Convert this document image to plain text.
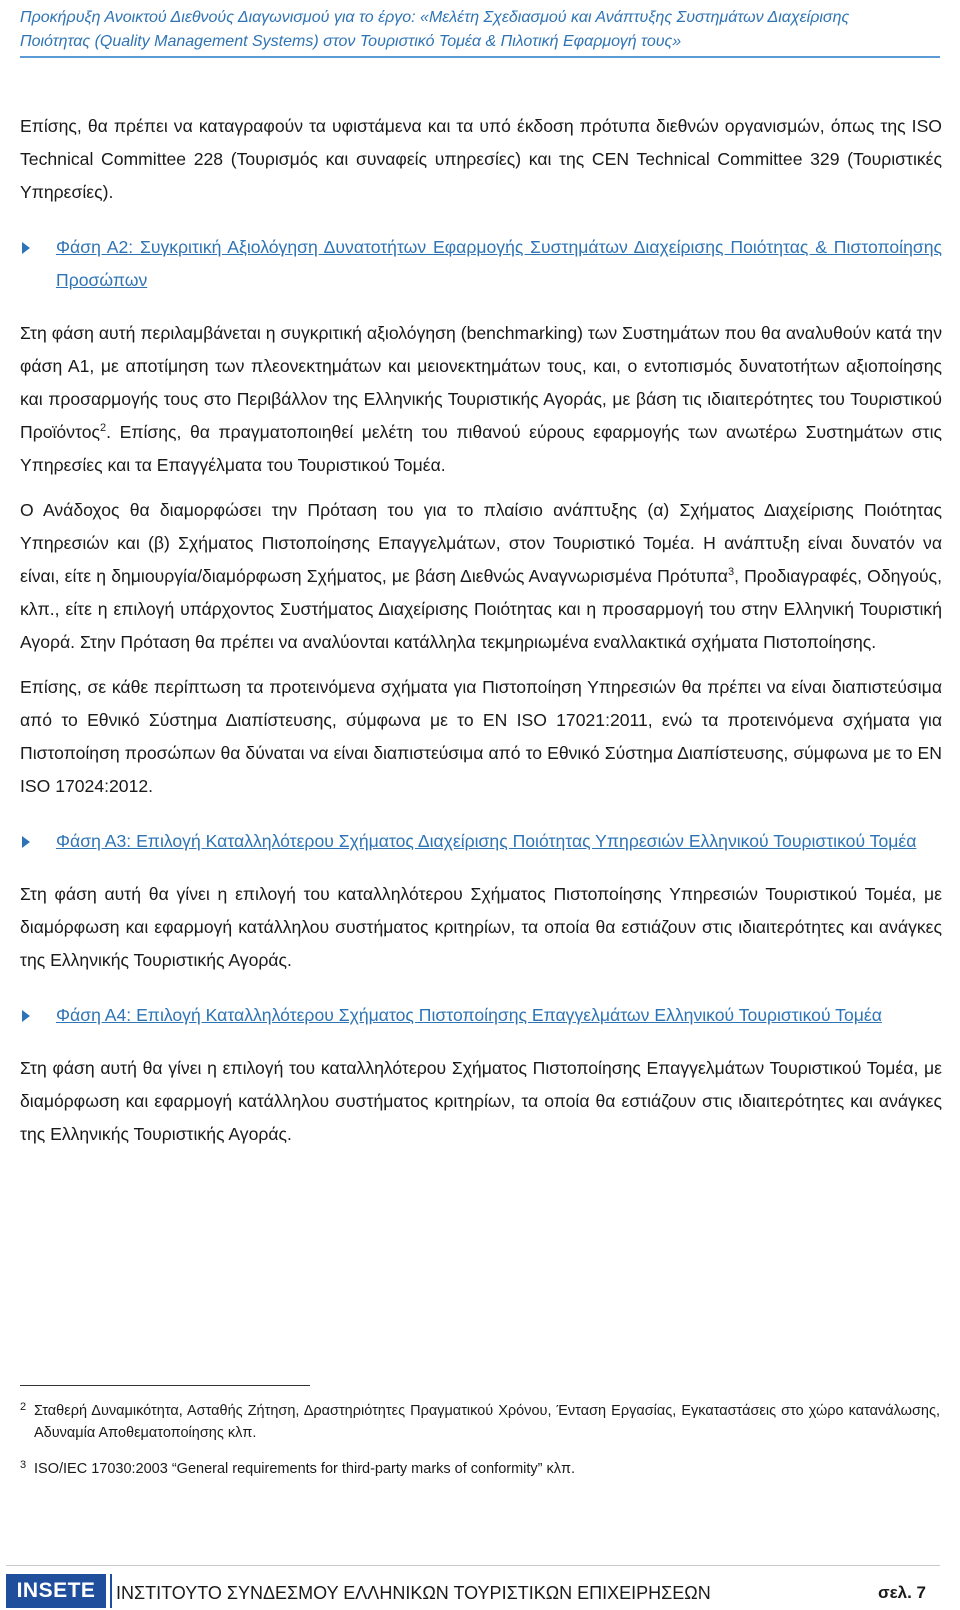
Προκήρυξη Ανοικτού Διεθνούς Διαγωνισμού για το έργο: «Μελέτη Σχεδιασμού και Ανάπτυξης Συστημάτων Διαχείρισης
Ποιότητας (Quality Management Systems) στον Τουριστικό Τομέα & Πιλοτική Εφαρμογή τους»

Επίσης, θα πρέπει να καταγραφούν τα υφιστάμενα και τα υπό έκδοση πρότυπα διεθνών οργανισμών, όπως της ISO Technical Committee 228 (Τουρισμός και συναφείς υπηρεσίες) και της CEN Technical Committee 329 (Τουριστικές Υπηρεσίες).

Φάση Α2: Συγκριτική Αξιολόγηση Δυνατοτήτων Εφαρμογής Συστημάτων Διαχείρισης Ποιότητας & Πιστοποίησης Προσώπων

Στη φάση αυτή περιλαμβάνεται η συγκριτική αξιολόγηση (benchmarking) των Συστημάτων που θα αναλυθούν κατά την φάση Α1, με αποτίμηση των πλεονεκτημάτων και μειονεκτημάτων τους, και, ο εντοπισμός δυνατοτήτων αξιοποίησης και προσαρμογής τους στο Περιβάλλον της Ελληνικής Τουριστικής Αγοράς, με βάση τις ιδιαιτερότητες του Τουριστικού Προϊόντος$^2$. Επίσης, θα πραγματοποιηθεί μελέτη του πιθανού εύρους εφαρμογής των ανωτέρω Συστημάτων στις Υπηρεσίες και τα Επαγγέλματα του Τουριστικού Τομέα.

Ο Ανάδοχος θα διαμορφώσει την Πρόταση του για το πλαίσιο ανάπτυξης (α) Σχήματος Διαχείρισης Ποιότητας Υπηρεσιών και (β) Σχήματος Πιστοποίησης Επαγγελμάτων, στον Τουριστικό Τομέα. Η ανάπτυξη είναι δυνατόν να είναι, είτε η δημιουργία/διαμόρφωση Σχήματος, με βάση Διεθνώς Αναγνωρισμένα Πρότυπα$^3$, Προδιαγραφές, Οδηγούς, κλπ., είτε η επιλογή υπάρχοντος Συστήματος Διαχείρισης Ποιότητας και η προσαρμογή του στην Ελληνική Τουριστική Αγορά. Στην Πρόταση θα πρέπει να αναλύονται κατάλληλα τεκμηριωμένα εναλλακτικά σχήματα Πιστοποίησης.

Επίσης, σε κάθε περίπτωση τα προτεινόμενα σχήματα για Πιστοποίηση Υπηρεσιών θα πρέπει να είναι διαπιστεύσιμα από το Εθνικό Σύστημα Διαπίστευσης, σύμφωνα με το EN ISO 17021:2011, ενώ τα προτεινόμενα σχήματα για Πιστοποίηση προσώπων θα δύναται να είναι διαπιστεύσιμα από το Εθνικό Σύστημα Διαπίστευσης, σύμφωνα με το EN ISO 17024:2012.

Φάση Α3: Επιλογή Καταλληλότερου Σχήματος Διαχείρισης Ποιότητας Υπηρεσιών Ελληνικού Τουριστικού Τομέα

Στη φάση αυτή θα γίνει η επιλογή του καταλληλότερου Σχήματος Πιστοποίησης Υπηρεσιών Τουριστικού Τομέα, με διαμόρφωση και εφαρμογή κατάλληλου συστήματος κριτηρίων, τα οποία θα εστιάζουν στις ιδιαιτερότητες και ανάγκες της Ελληνικής Τουριστικής Αγοράς.

Φάση Α4: Επιλογή Καταλληλότερου Σχήματος Πιστοποίησης Επαγγελμάτων Ελληνικού Τουριστικού Τομέα

Στη φάση αυτή θα γίνει η επιλογή του καταλληλότερου Σχήματος Πιστοποίησης Επαγγελμάτων Τουριστικού Τομέα, με διαμόρφωση και εφαρμογή κατάλληλου συστήματος κριτηρίων, τα οποία θα εστιάζουν στις ιδιαιτερότητες και ανάγκες της Ελληνικής Τουριστικής Αγοράς.

2 Σταθερή Δυναμικότητα, Ασταθής Ζήτηση, Δραστηριότητες Πραγματικού Χρόνου, Ένταση Εργασίας, Εγκαταστάσεις στο χώρο κατανάλωσης, Αδυναμία Αποθεματοποίησης κλπ.
3 ISO/IEC 17030:2003 “General requirements for third-party marks of conformity” κλπ.
INSETE	ΙΝΣΤΙΤΟΥΤΟ ΣΥΝΔΕΣΜΟΥ ΕΛΛΗΝΙΚΩΝ ΤΟΥΡΙΣΤΙΚΩΝ ΕΠΙΧΕΙΡΗΣΕΩΝ	σελ. 7
